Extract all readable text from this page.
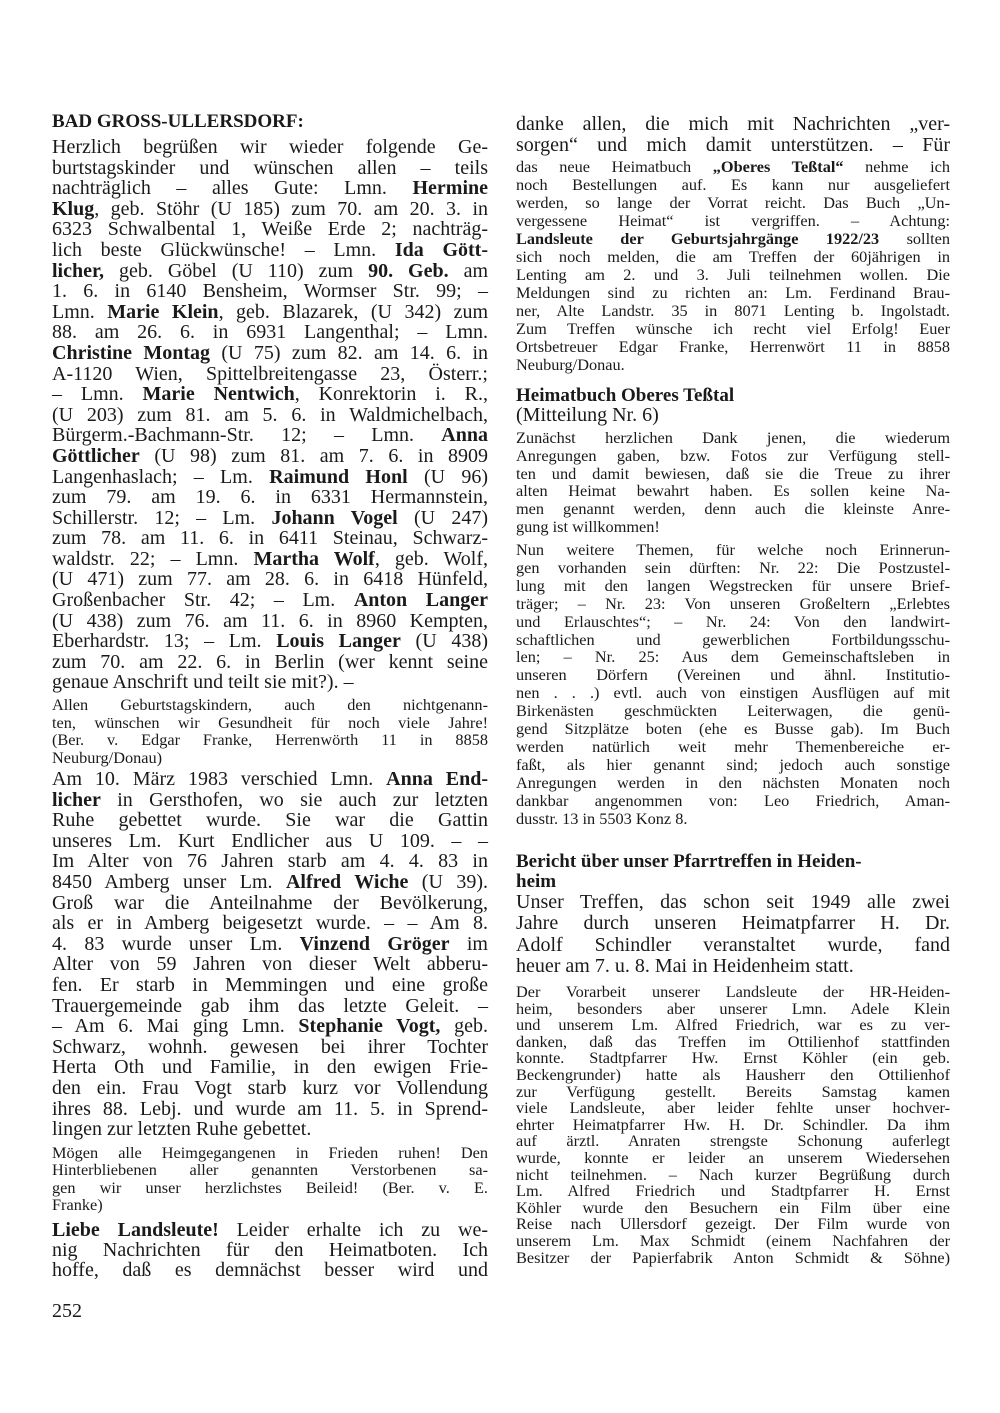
BAD GROSS-ULLERSDORF:
Herzlich begrüßen wir wieder folgende Ge-
burtstagskinder und wünschen allen – teils
nachträglich – alles Gute: Lmn. Hermine
Klug, geb. Stöhr (U 185) zum 70. am 20. 3. in
6323 Schwalbental 1, Weiße Erde 2; nachträg-
lich beste Glückwünsche! – Lmn. Ida Gött-
licher, geb. Göbel (U 110) zum 90. Geb. am
1. 6. in 6140 Bensheim, Wormser Str. 99; –
Lmn. Marie Klein, geb. Blazarek, (U 342) zum
88. am 26. 6. in 6931 Langenthal; – Lmn.
Christine Montag (U 75) zum 82. am 14. 6. in
A-1120 Wien, Spittelbreitengasse 23, Österr.;
– Lmn. Marie Nentwich, Konrektorin i. R.,
(U 203) zum 81. am 5. 6. in Waldmichelbach,
Bürgerm.-Bachmann-Str. 12; – Lmn. Anna
Göttlicher (U 98) zum 81. am 7. 6. in 8909
Langenhaslach; – Lm. Raimund Honl (U 96)
zum 79. am 19. 6. in 6331 Hermannstein,
Schillerstr. 12; – Lm. Johann Vogel (U 247)
zum 78. am 11. 6. in 6411 Steinau, Schwarz-
waldstr. 22; – Lmn. Martha Wolf, geb. Wolf,
(U 471) zum 77. am 28. 6. in 6418 Hünfeld,
Großenbacher Str. 42; – Lm. Anton Langer
(U 438) zum 76. am 11. 6. in 8960 Kempten,
Eberhardstr. 13; – Lm. Louis Langer (U 438)
zum 70. am 22. 6. in Berlin (wer kennt seine
genaue Anschrift und teilt sie mit?). –
Allen Geburtstagskindern, auch den nichtgenann-
ten, wünschen wir Gesundheit für noch viele Jahre!
(Ber. v. Edgar Franke, Herrenwörth 11 in 8858
Neuburg/Donau)
Am 10. März 1983 verschied Lmn. Anna End-
licher in Gersthofen, wo sie auch zur letzten
Ruhe gebettet wurde. Sie war die Gattin
unseres Lm. Kurt Endlicher aus U 109. – –
Im Alter von 76 Jahren starb am 4. 4. 83 in
8450 Amberg unser Lm. Alfred Wiche (U 39).
Groß war die Anteilnahme der Bevölkerung,
als er in Amberg beigesetzt wurde. – – Am 8.
4. 83 wurde unser Lm. Vinzend Gröger im
Alter von 59 Jahren von dieser Welt abberu-
fen. Er starb in Memmingen und eine große
Trauergemeinde gab ihm das letzte Geleit. –
– Am 6. Mai ging Lmn. Stephanie Vogt, geb.
Schwarz, wohnh. gewesen bei ihrer Tochter
Herta Oth und Familie, in den ewigen Frie-
den ein. Frau Vogt starb kurz vor Vollendung
ihres 88. Lebj. und wurde am 11. 5. in Sprend-
lingen zur letzten Ruhe gebettet.
Mögen alle Heimgegangenen in Frieden ruhen! Den
Hinterbliebenen aller genannten Verstorbenen sa-
gen wir unser herzlichstes Beileid! (Ber. v. E.
Franke)
Liebe Landsleute! Leider erhalte ich zu we-
nig Nachrichten für den Heimatboten. Ich
hoffe, daß es demnächst besser wird und
danke allen, die mich mit Nachrichten „ver-
sorgen“ und mich damit unterstützen. – Für
das neue Heimatbuch „Oberes Teßtal“ nehme ich
noch Bestellungen auf. Es kann nur ausgeliefert
werden, so lange der Vorrat reicht. Das Buch „Un-
vergessene Heimat“ ist vergriffen. – Achtung:
Landsleute der Geburtsjahrgänge 1922/23 sollten
sich noch melden, die am Treffen der 60jährigen in
Lenting am 2. und 3. Juli teilnehmen wollen. Die
Meldungen sind zu richten an: Lm. Ferdinand Brau-
ner, Alte Landstr. 35 in 8071 Lenting b. Ingolstadt.
Zum Treffen wünsche ich recht viel Erfolg! Euer
Ortsbetreuer Edgar Franke, Herrenwört 11 in 8858
Neuburg/Donau.
Heimatbuch Oberes Teßtal
(Mitteilung Nr. 6)
Zunächst herzlichen Dank jenen, die wiederum
Anregungen gaben, bzw. Fotos zur Verfügung stell-
ten und damit bewiesen, daß sie die Treue zu ihrer
alten Heimat bewahrt haben. Es sollen keine Na-
men genannt werden, denn auch die kleinste Anre-
gung ist willkommen!
Nun weitere Themen, für welche noch Erinnerun-
gen vorhanden sein dürften: Nr. 22: Die Postzustel-
lung mit den langen Wegstrecken für unsere Brief-
träger; – Nr. 23: Von unseren Großeltern „Erlebtes
und Erlauschtes“; – Nr. 24: Von den landwirt-
schaftlichen und gewerblichen Fortbildungsschu-
len; – Nr. 25: Aus dem Gemeinschaftsleben in
unseren Dörfern (Vereinen und ähnl. Institutio-
nen . . .) evtl. auch von einstigen Ausflügen auf mit
Birkenästen geschmückten Leiterwagen, die genü-
gend Sitzplätze boten (ehe es Busse gab). Im Buch
werden natürlich weit mehr Themenbereiche er-
faßt, als hier genannt sind; jedoch auch sonstige
Anregungen werden in den nächsten Monaten noch
dankbar angenommen von: Leo Friedrich, Aman-
dusstr. 13 in 5503 Konz 8.
Bericht über unser Pfarrtreffen in Heiden-
heim
Unser Treffen, das schon seit 1949 alle zwei
Jahre durch unseren Heimatpfarrer H. Dr.
Adolf Schindler veranstaltet wurde, fand
heuer am 7. u. 8. Mai in Heidenheim statt.
Der Vorarbeit unserer Landsleute der HR-Heiden-
heim, besonders aber unserer Lmn. Adele Klein
und unserem Lm. Alfred Friedrich, war es zu ver-
danken, daß das Treffen im Ottilienhof stattfinden
konnte. Stadtpfarrer Hw. Ernst Köhler (ein geb.
Beckengrunder) hatte als Hausherr den Ottilienhof
zur Verfügung gestellt. Bereits Samstag kamen
viele Landsleute, aber leider fehlte unser hochver-
ehrter Heimatpfarrer Hw. H. Dr. Schindler. Da ihm
auf ärztl. Anraten strengste Schonung auferlegt
wurde, konnte er leider an unserem Wiedersehen
nicht teilnehmen. – Nach kurzer Begrüßung durch
Lm. Alfred Friedrich und Stadtpfarrer H. Ernst
Köhler wurde den Besuchern ein Film über eine
Reise nach Ullersdorf gezeigt. Der Film wurde von
unserem Lm. Max Schmidt (einem Nachfahren der
Besitzer der Papierfabrik Anton Schmidt & Söhne)
252
